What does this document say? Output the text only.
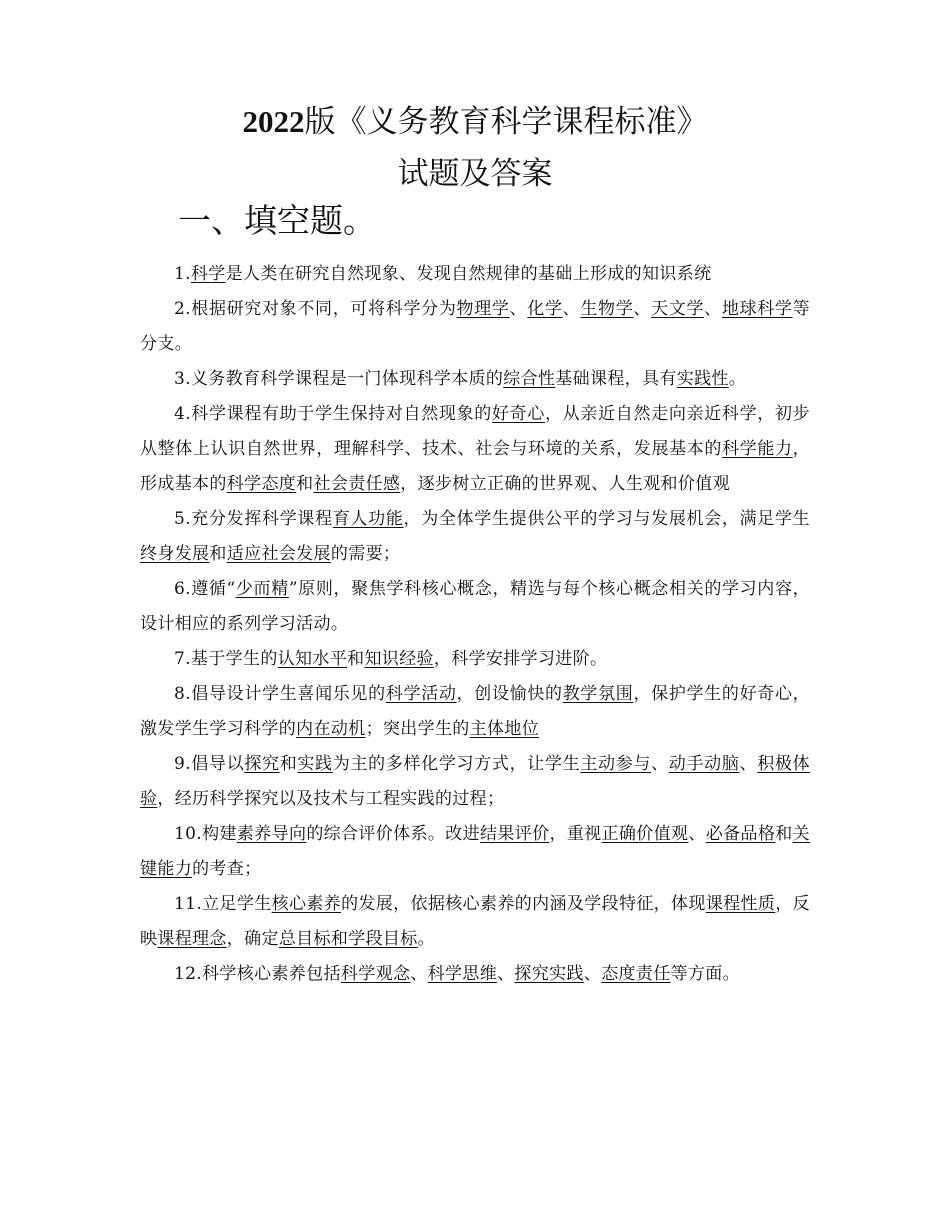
2022版《义务教育科学课程标准》
试题及答案
一、填空题。

1.科学是人类在研究自然现象、发现自然规律的基础上形成的知识系统

2.根据研究对象不同，可将科学分为物理学、化学、生物学、天文学、地球科学等分支。

3.义务教育科学课程是一门体现科学本质的综合性基础课程，具有实践性。

4.科学课程有助于学生保持对自然现象的好奇心，从亲近自然走向亲近科学，初步从整体上认识自然世界，理解科学、技术、社会与环境的关系，发展基本的科学能力，形成基本的科学态度和社会责任感，逐步树立正确的世界观、人生观和价值观

5.充分发挥科学课程育人功能，为全体学生提供公平的学习与发展机会，满足学生终身发展和适应社会发展的需要；

6.遵循“少而精”原则，聚焦学科核心概念，精选与每个核心概念相关的学习内容，设计相应的系列学习活动。

7.基于学生的认知水平和知识经验，科学安排学习进阶。

8.倡导设计学生喜闻乐见的科学活动，创设愉快的教学氛围，保护学生的好奇心，激发学生学习科学的内在动机；突出学生的主体地位

9.倡导以探究和实践为主的多样化学习方式，让学生主动参与、动手动脑、积极体验，经历科学探究以及技术与工程实践的过程；

10.构建素养导向的综合评价体系。改进结果评价，重视正确价值观、必备品格和关键能力的考查；

11.立足学生核心素养的发展，依据核心素养的内涵及学段特征，体现课程性质，反映课程理念，确定总目标和学段目标。

12.科学核心素养包括科学观念、科学思维、探究实践、态度责任等方面。
